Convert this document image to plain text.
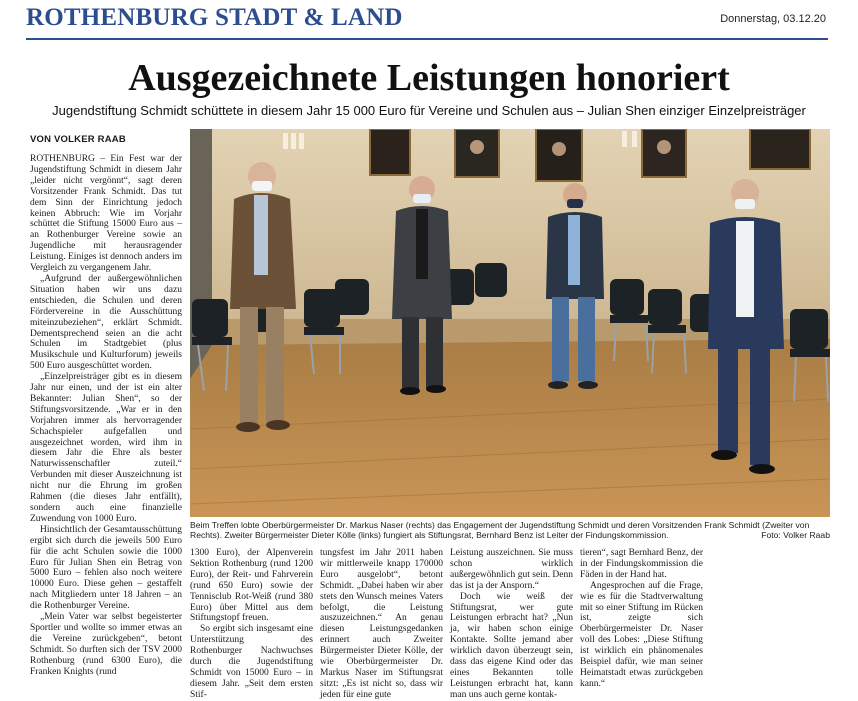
ROTHENBURG STADT & LAND	Donnerstag, 03.12.20
Ausgezeichnete Leistungen honoriert
Jugendstiftung Schmidt schüttete in diesem Jahr 15 000 Euro für Vereine und Schulen aus – Julian Shen einziger Einzelpreisträger
VON VOLKER RAAB

ROTHENBURG – Ein Fest war der Jugendstiftung Schmidt in diesem Jahr „leider nicht vergönnt“, sagt deren Vorsitzender Frank Schmidt. Das tut dem Sinn der Einrichtung jedoch keinen Abbruch: Wie im Vorjahr schüttet die Stiftung 15000 Euro aus – an Rothenburger Vereine sowie an Jugendliche mit herausragender Leistung. Einiges ist dennoch anders im Vergleich zu vergangenem Jahr.

„Aufgrund der außergewöhnlichen Situation haben wir uns dazu entschieden, die Schulen und deren Fördervereine in die Ausschüttung miteinzubeziehen“, erklärt Schmidt. Dementsprechend seien an die acht Schulen im Stadtgebiet (plus Musikschule und Kulturforum) jeweils 500 Euro ausgeschüttet worden.

„Einzelpreisträger gibt es in diesem Jahr nur einen, und der ist ein alter Bekannter: Julian Shen“, so der Stiftungsvorsitzende. „War er in den Vorjahren immer als hervorragender Schachspieler aufgefallen und ausgezeichnet worden, wird ihm in diesem Jahr die Ehre als bester Naturwissenschaftler zuteil.“ Verbunden mit dieser Auszeichnung ist nicht nur die Ehrung im großen Rahmen (die dieses Jahr entfällt), sondern auch eine finanzielle Zuwendung von 1000 Euro.

Hinsichtlich der Gesamtausschüttung ergibt sich durch die jeweils 500 Euro für die acht Schulen sowie die 1000 Euro für Julian Shen ein Betrag von 5000 Euro – fehlen also noch weitere 10000 Euro. Diese gehen – gestaffelt nach Mitgliedern unter 18 Jahren – an die Rothenburger Vereine.

„Mein Vater war selbst begeisterter Sportler und wollte so immer etwas an die Vereine zurückgeben“, betont Schmidt. So durften sich der TSV 2000 Rothenburg (rund 6300 Euro), die Franken Knights (rund

Beim Treffen lobte Oberbürgermeister Dr. Markus Naser (rechts) das Engagement der Jugendstiftung Schmidt und deren Vorsitzenden Frank Schmidt (Zweiter von Rechts). Zweiter Bürgermeister Dieter Kölle (links) fungiert als Stiftungsrat, Bernhard Benz ist Leiter der Findungskommission.	Foto: Volker Raab

1300 Euro), der Alpenverein Sektion Rothenburg (rund 1200 Euro), der Reit- und Fahrverein (rund 650 Euro) sowie der Tennisclub Rot-Weiß (rund 380 Euro) über Mittel aus dem Stiftungstopf freuen.

So ergibt sich insgesamt eine Unterstützung des Rothenburger Nachwuchses durch die Jugendstiftung Schmidt von 15000 Euro – in diesem Jahr. „Seit dem ersten Stif-

tungsfest im Jahr 2011 haben wir mittlerweile knapp 170000 Euro ausgelobt“, betont Schmidt. „Dabei haben wir aber stets den Wunsch meines Vaters befolgt, die Leistung auszuzeichnen.“ An genau diesen Leistungsgedanken erinnert auch Zweiter Bürgermeister Dieter Kölle, der wie Oberbürgermeister Dr. Markus Naser im Stiftungsrat sitzt: „Es ist nicht so, dass wir jeden für eine gute

Leistung auszeichnen. Sie muss schon wirklich außergewöhnlich gut sein. Denn das ist ja der Ansporn.“

Doch wie weiß der Stiftungsrat, wer gute Leistungen erbracht hat? „Nun ja, wir haben schon einige Kontakte. Sollte jemand aber wirklich davon überzeugt sein, dass das eigene Kind oder das eines Bekannten tolle Leistungen erbracht hat, kann man uns auch gerne kontak-

tieren“, sagt Bernhard Benz, der in der Findungskommission die Fäden in der Hand hat.

Angesprochen auf die Frage, wie es für die Stadtverwaltung mit so einer Stiftung im Rücken ist, zeigte sich Oberbürgermeister Dr. Naser voll des Lobes: „Diese Stiftung ist wirklich ein phänomenales Beispiel dafür, wie man seiner Heimatstadt etwas zurückgeben kann.“
